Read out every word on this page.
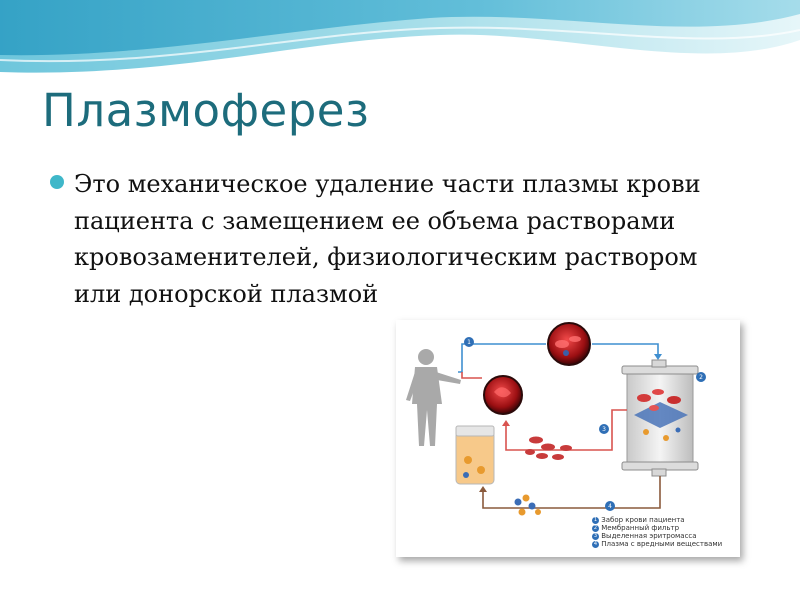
Плазмоферез
Это механическое удаление части плазмы крови пациента с замещением ее объема растворами кровозаменителей, физиологическим раствором или донорской плазмой
1
2
3
4
1 Забор крови пациента
2 Мембранный фильтр
3 Выделенная эритромасса
4 Плазма с вредными веществами
